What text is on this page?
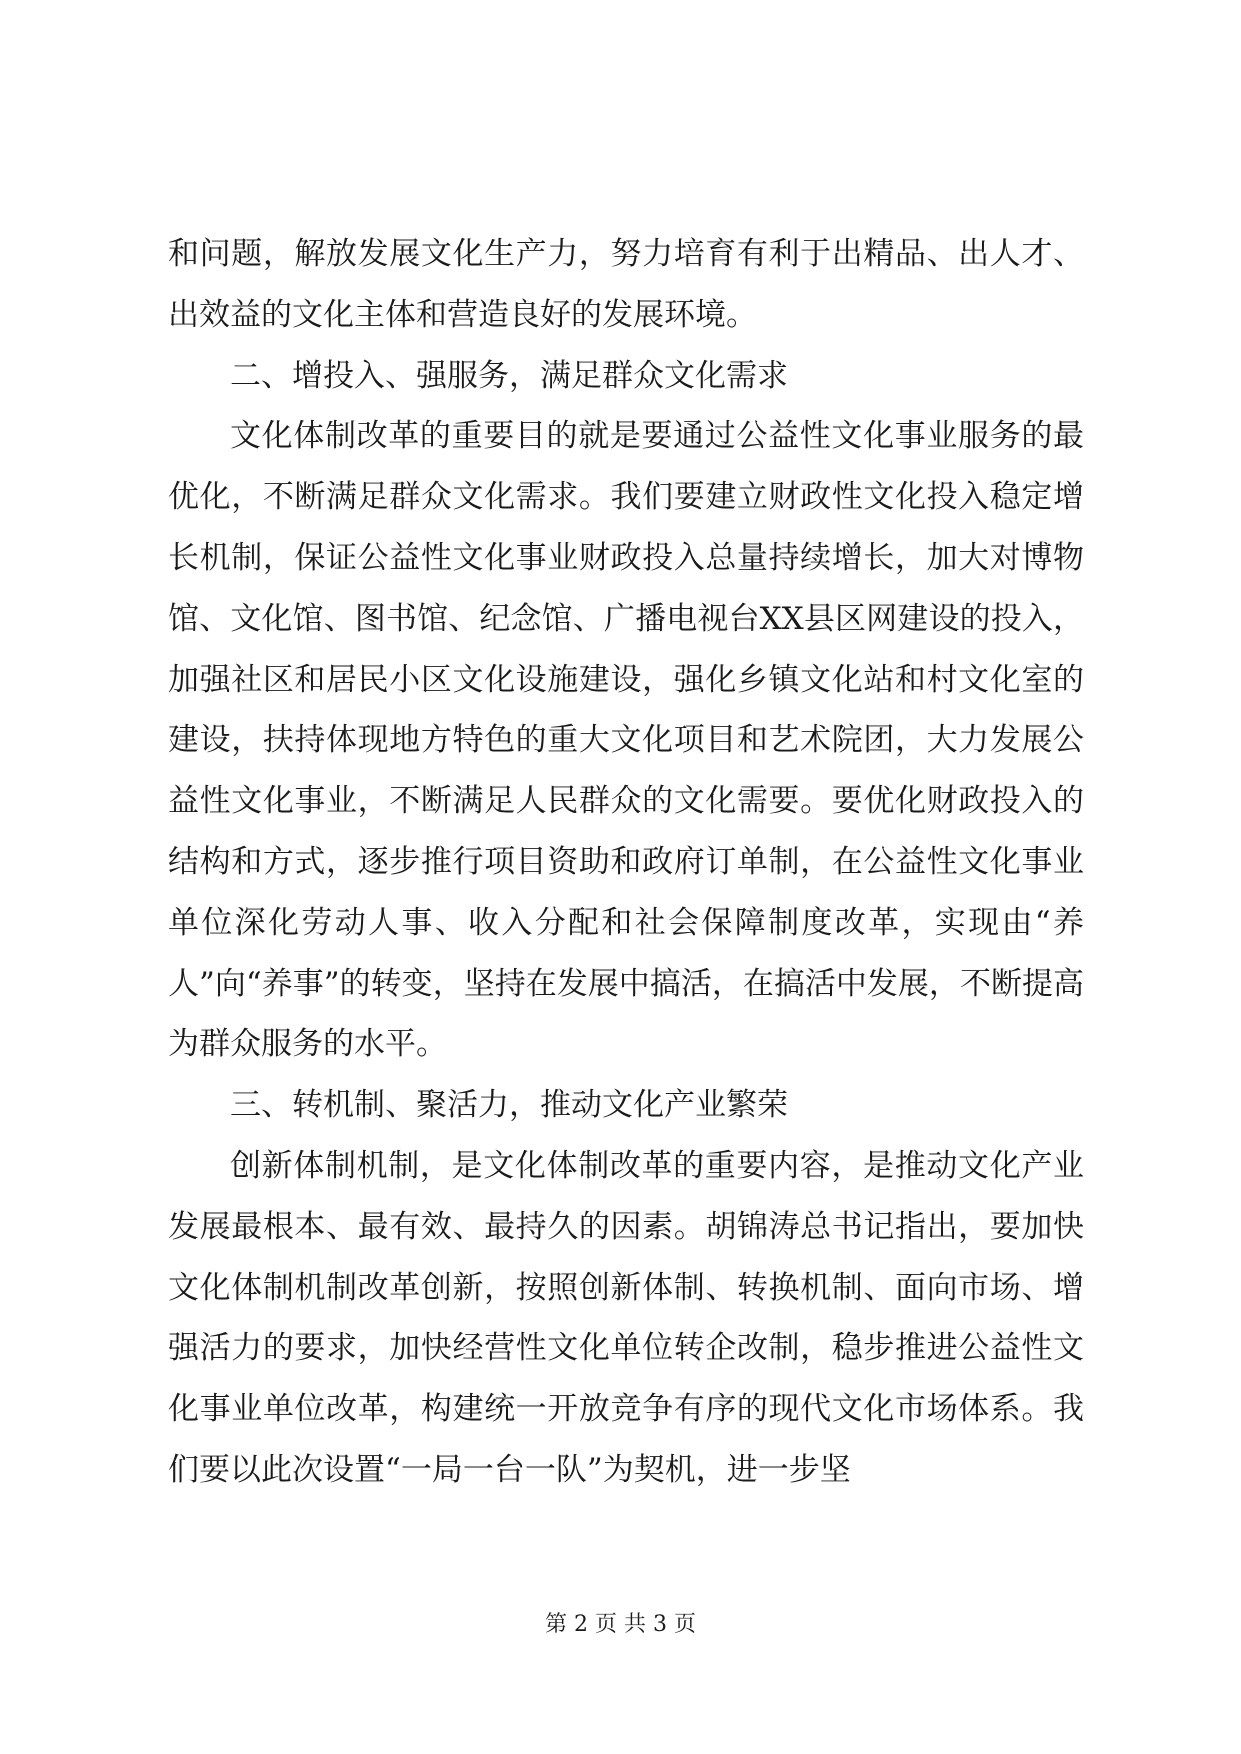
和问题，解放发展文化生产力，努力培育有利于出精品、出人才、出效益的文化主体和营造良好的发展环境。

二、增投入、强服务，满足群众文化需求

文化体制改革的重要目的就是要通过公益性文化事业服务的最优化，不断满足群众文化需求。我们要建立财政性文化投入稳定增长机制，保证公益性文化事业财政投入总量持续增长，加大对博物馆、文化馆、图书馆、纪念馆、广播电视台XX县区网建设的投入，加强社区和居民小区文化设施建设，强化乡镇文化站和村文化室的建设，扶持体现地方特色的重大文化项目和艺术院团，大力发展公益性文化事业，不断满足人民群众的文化需要。要优化财政投入的结构和方式，逐步推行项目资助和政府订单制，在公益性文化事业单位深化劳动人事、收入分配和社会保障制度改革，实现由“养人”向“养事”的转变，坚持在发展中搞活，在搞活中发展，不断提高为群众服务的水平。

三、转机制、聚活力，推动文化产业繁荣

创新体制机制，是文化体制改革的重要内容，是推动文化产业发展最根本、最有效、最持久的因素。胡锦涛总书记指出，要加快文化体制机制改革创新，按照创新体制、转换机制、面向市场、增强活力的要求，加快经营性文化单位转企改制，稳步推进公益性文化事业单位改革，构建统一开放竞争有序的现代文化市场体系。我们要以此次设置“一局一台一队”为契机，进一步坚

第 2 页 共 3 页
